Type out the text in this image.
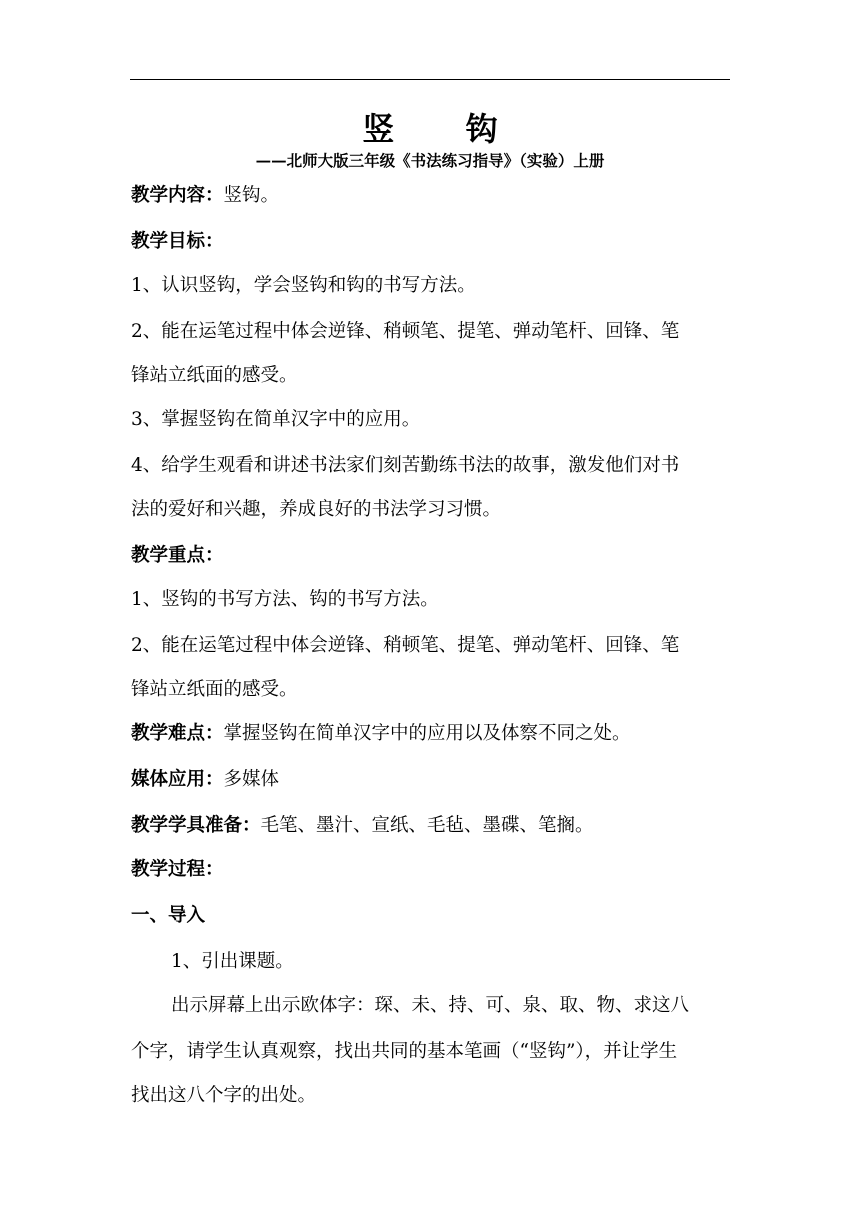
竖 钩
——北师大版三年级《书法练习指导》（实验）上册
教学内容：竖钩。
教学目标：
1、认识竖钩，学会竖钩和钩的书写方法。
2、能在运笔过程中体会逆锋、稍顿笔、提笔、弹动笔杆、回锋、笔
锋站立纸面的感受。
3、掌握竖钩在简单汉字中的应用。
4、给学生观看和讲述书法家们刻苦勤练书法的故事，激发他们对书
法的爱好和兴趣，养成良好的书法学习习惯。
教学重点：
1、竖钩的书写方法、钩的书写方法。
2、能在运笔过程中体会逆锋、稍顿笔、提笔、弹动笔杆、回锋、笔
锋站立纸面的感受。
教学难点：掌握竖钩在简单汉字中的应用以及体察不同之处。
媒体应用：多媒体
教学学具准备：毛笔、墨汁、宣纸、毛毡、墨碟、笔搁。
教学过程：
一、导入
1、引出课题。
出示屏幕上出示欧体字：琛、未、持、可、泉、取、物、求这八
个字，请学生认真观察，找出共同的基本笔画（“竖钩”），并让学生
找出这八个字的出处。
